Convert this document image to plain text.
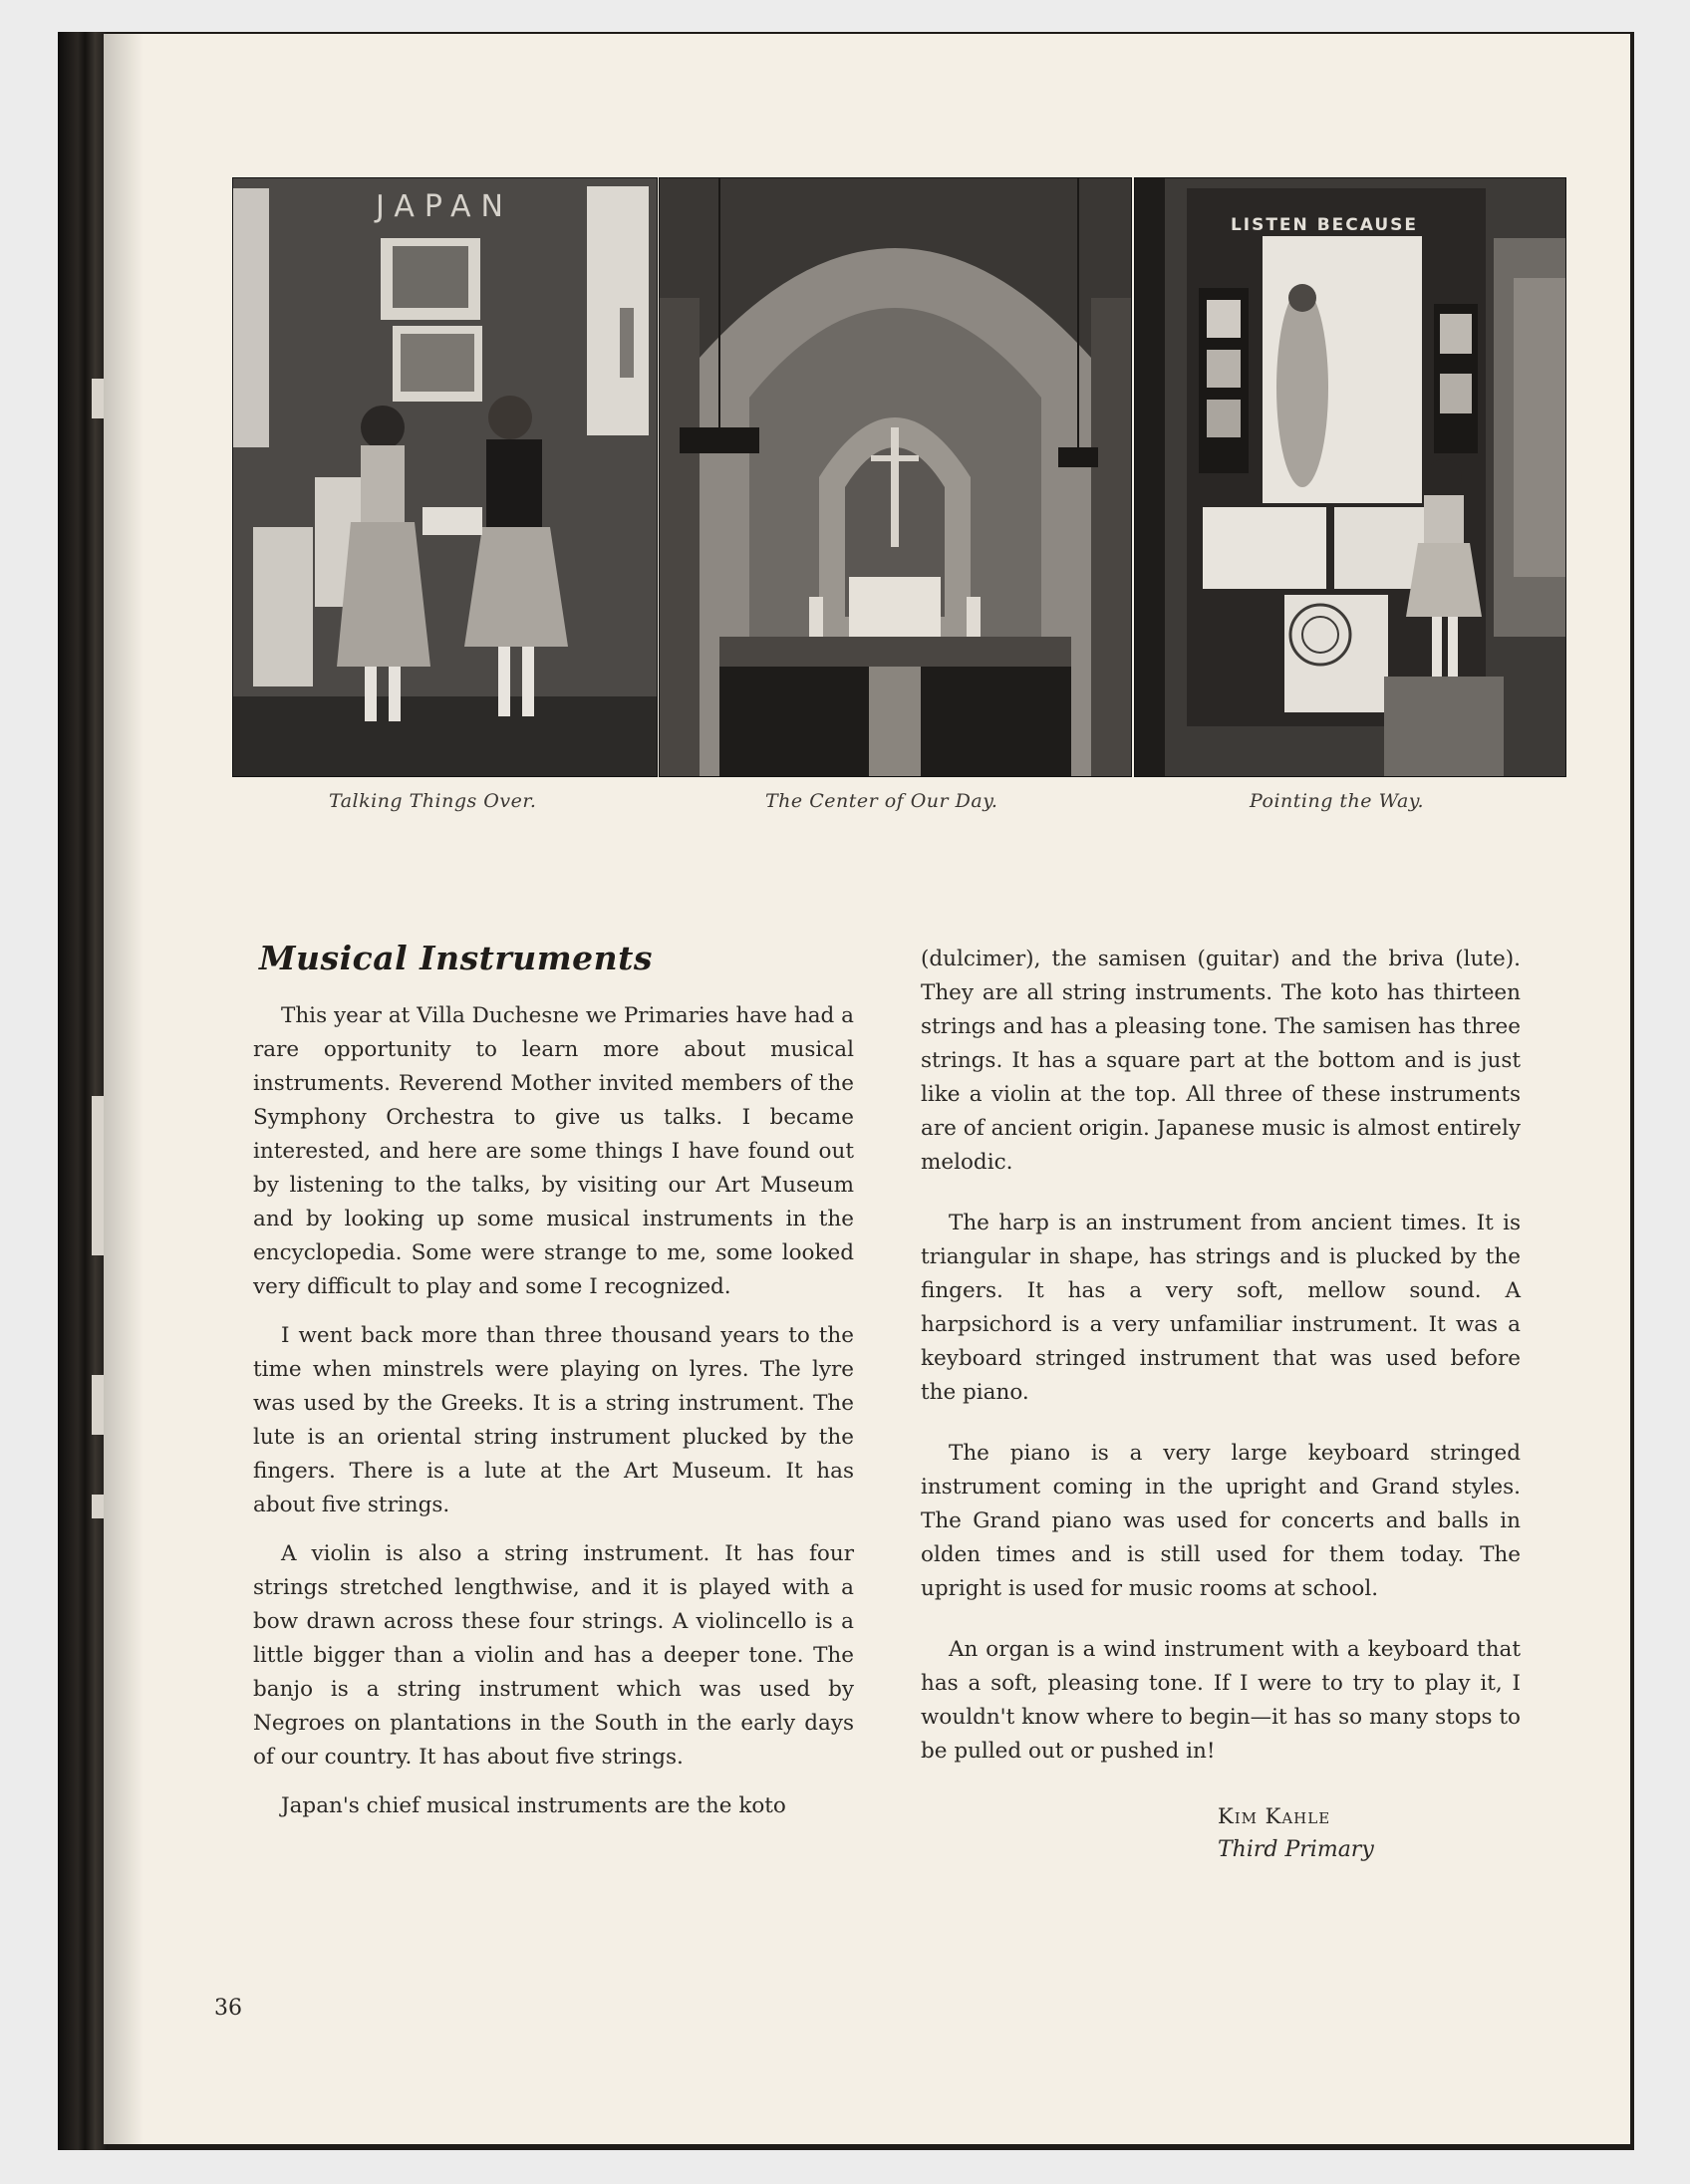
JAPAN
LISTEN BECAUSE
Talking Things Over.	The Center of Our Day.	Pointing the Way.
Musical Instruments

This year at Villa Duchesne we Primaries have had a rare opportunity to learn more about musical instruments. Reverend Mother invited members of the Symphony Orchestra to give us talks. I became interested, and here are some things I have found out by listening to the talks, by visiting our Art Museum and by looking up some musical instruments in the encyclopedia. Some were strange to me, some looked very difficult to play and some I recognized.

I went back more than three thousand years to the time when minstrels were playing on lyres. The lyre was used by the Greeks. It is a string instrument. The lute is an oriental string instrument plucked by the fingers. There is a lute at the Art Museum. It has about five strings.

A violin is also a string instrument. It has four strings stretched lengthwise, and it is played with a bow drawn across these four strings. A violincello is a little bigger than a violin and has a deeper tone. The banjo is a string instrument which was used by Negroes on plantations in the South in the early days of our country. It has about five strings.

Japan's chief musical instruments are the koto

(dulcimer), the samisen (guitar) and the briva (lute). They are all string instruments. The koto has thirteen strings and has a pleasing tone. The samisen has three strings. It has a square part at the bottom and is just like a violin at the top. All three of these instruments are of ancient origin. Japanese music is almost entirely melodic.

The harp is an instrument from ancient times. It is triangular in shape, has strings and is plucked by the fingers. It has a very soft, mellow sound. A harpsichord is a very unfamiliar instrument. It was a keyboard stringed instrument that was used before the piano.

The piano is a very large keyboard stringed instrument coming in the upright and Grand styles. The Grand piano was used for concerts and balls in olden times and is still used for them today. The upright is used for music rooms at school.

An organ is a wind instrument with a keyboard that has a soft, pleasing tone. If I were to try to play it, I wouldn't know where to begin—it has so many stops to be pulled out or pushed in!

Kim Kahle
Third Primary
36
